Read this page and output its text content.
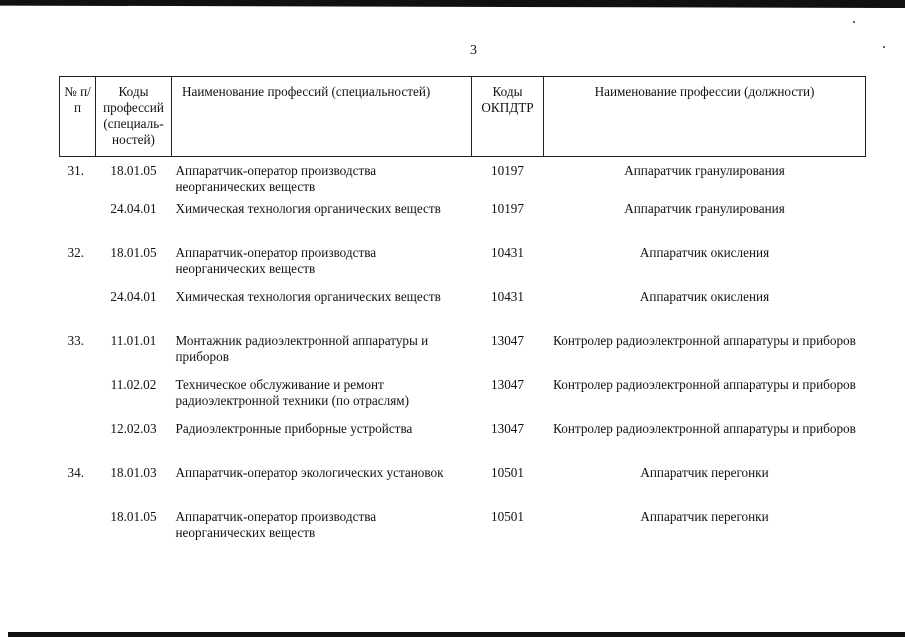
3
№ п/п	Коды профессий (специаль-ностей)	Наименование профессий (специальностей)	Коды ОКПДТР	Наименование профессии (должности)
31.	18.01.05	Аппаратчик-оператор производства неорганических веществ	10197	Аппаратчик гранулирования
	24.04.01	Химическая технология органических веществ	10197	Аппаратчик гранулирования
32.	18.01.05	Аппаратчик-оператор производства неорганических веществ	10431	Аппаратчик окисления
	24.04.01	Химическая технология органических веществ	10431	Аппаратчик окисления
33.	11.01.01	Монтажник радиоэлектронной аппаратуры и приборов	13047	Контролер радиоэлектронной аппаратуры и приборов
	11.02.02	Техническое обслуживание и ремонт радиоэлектронной техники (по отраслям)	13047	Контролер радиоэлектронной аппаратуры и приборов
	12.02.03	Радиоэлектронные приборные устройства	13047	Контролер радиоэлектронной аппаратуры и приборов
34.	18.01.03	Аппаратчик-оператор экологических установок	10501	Аппаратчик перегонки
	18.01.05	Аппаратчик-оператор производства неорганических веществ	10501	Аппаратчик перегонки
